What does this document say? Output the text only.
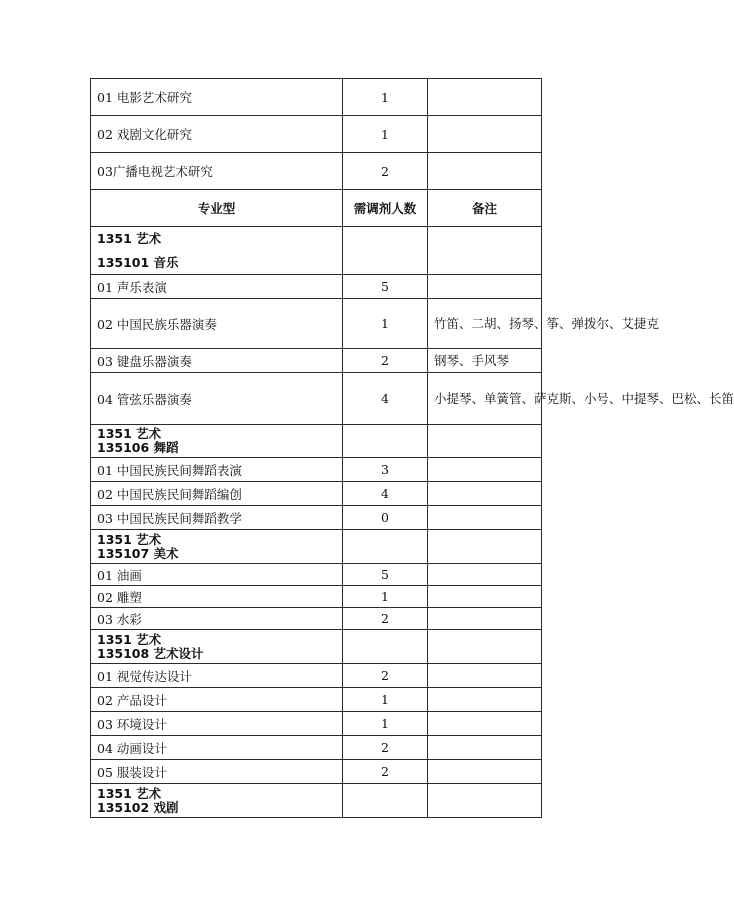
01 电影艺术研究	1	
02 戏剧文化研究	1	
03广播电视艺术研究	2	
专业型	需调剂人数	备注
1351 艺术
135101 音乐		

01 声乐表演	5	
02 中国民族乐器演奏	1	竹笛、二胡、扬琴、筝、弹拨尔、艾捷克
03 键盘乐器演奏	2	钢琴、手风琴
04 管弦乐器演奏	4	小提琴、单簧管、萨克斯、小号、中提琴、巴松、长笛
1351 艺术
135106 舞蹈		

01 中国民族民间舞蹈表演	3	
02 中国民族民间舞蹈编创	4	
03 中国民族民间舞蹈教学	0	
1351 艺术
135107 美术		

01 油画	5	
02 雕塑	1	
03 水彩	2	
1351 艺术
135108 艺术设计		

01 视觉传达设计	2	
02 产品设计	1	
03 环境设计	1	
04 动画设计	2	
05 服装设计	2	
1351 艺术
135102 戏剧		
